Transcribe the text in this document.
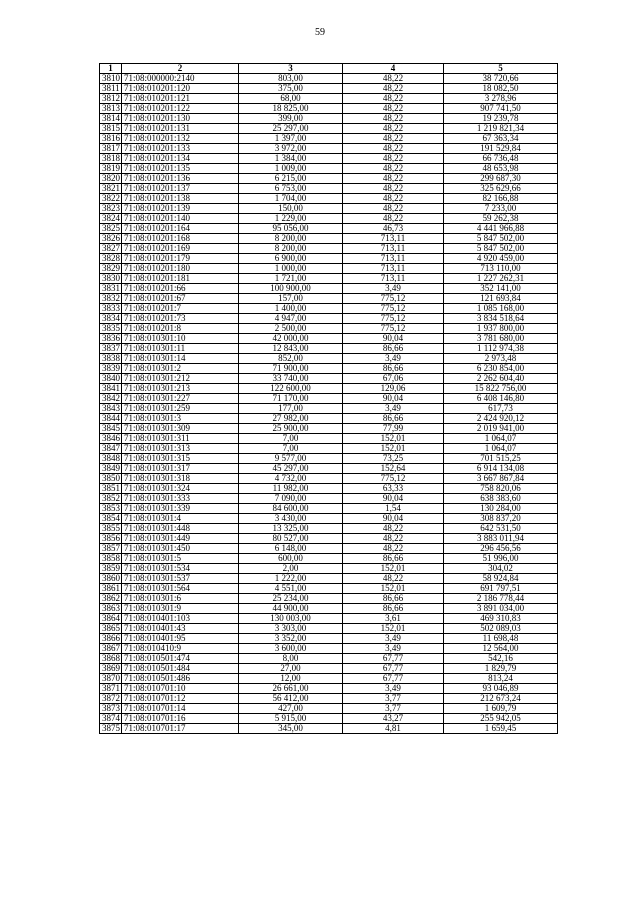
59
1	2	3	4	5
3810	71:08:000000:2140	803,00	48,22	38 720,66
3811	71:08:010201:120	375,00	48,22	18 082,50
3812	71:08:010201:121	68,00	48,22	3 278,96
3813	71:08:010201:122	18 825,00	48,22	907 741,50
3814	71:08:010201:130	399,00	48,22	19 239,78
3815	71:08:010201:131	25 297,00	48,22	1 219 821,34
3816	71:08:010201:132	1 397,00	48,22	67 363,34
3817	71:08:010201:133	3 972,00	48,22	191 529,84
3818	71:08:010201:134	1 384,00	48,22	66 736,48
3819	71:08:010201:135	1 009,00	48,22	48 653,98
3820	71:08:010201:136	6 215,00	48,22	299 687,30
3821	71:08:010201:137	6 753,00	48,22	325 629,66
3822	71:08:010201:138	1 704,00	48,22	82 166,88
3823	71:08:010201:139	150,00	48,22	7 233,00
3824	71:08:010201:140	1 229,00	48,22	59 262,38
3825	71:08:010201:164	95 056,00	46,73	4 441 966,88
3826	71:08:010201:168	8 200,00	713,11	5 847 502,00
3827	71:08:010201:169	8 200,00	713,11	5 847 502,00
3828	71:08:010201:179	6 900,00	713,11	4 920 459,00
3829	71:08:010201:180	1 000,00	713,11	713 110,00
3830	71:08:010201:181	1 721,00	713,11	1 227 262,31
3831	71:08:010201:66	100 900,00	3,49	352 141,00
3832	71:08:010201:67	157,00	775,12	121 693,84
3833	71:08:010201:7	1 400,00	775,12	1 085 168,00
3834	71:08:010201:73	4 947,00	775,12	3 834 518,64
3835	71:08:010201:8	2 500,00	775,12	1 937 800,00
3836	71:08:010301:10	42 000,00	90,04	3 781 680,00
3837	71:08:010301:11	12 843,00	86,66	1 112 974,38
3838	71:08:010301:14	852,00	3,49	2 973,48
3839	71:08:010301:2	71 900,00	86,66	6 230 854,00
3840	71:08:010301:212	33 740,00	67,06	2 262 604,40
3841	71:08:010301:213	122 600,00	129,06	15 822 756,00
3842	71:08:010301:227	71 170,00	90,04	6 408 146,80
3843	71:08:010301:259	177,00	3,49	617,73
3844	71:08:010301:3	27 982,00	86,66	2 424 920,12
3845	71:08:010301:309	25 900,00	77,99	2 019 941,00
3846	71:08:010301:311	7,00	152,01	1 064,07
3847	71:08:010301:313	7,00	152,01	1 064,07
3848	71:08:010301:315	9 577,00	73,25	701 515,25
3849	71:08:010301:317	45 297,00	152,64	6 914 134,08
3850	71:08:010301:318	4 732,00	775,12	3 667 867,84
3851	71:08:010301:324	11 982,00	63,33	758 820,06
3852	71:08:010301:333	7 090,00	90,04	638 383,60
3853	71:08:010301:339	84 600,00	1,54	130 284,00
3854	71:08:010301:4	3 430,00	90,04	308 837,20
3855	71:08:010301:448	13 325,00	48,22	642 531,50
3856	71:08:010301:449	80 527,00	48,22	3 883 011,94
3857	71:08:010301:450	6 148,00	48,22	296 456,56
3858	71:08:010301:5	600,00	86,66	51 996,00
3859	71:08:010301:534	2,00	152,01	304,02
3860	71:08:010301:537	1 222,00	48,22	58 924,84
3861	71:08:010301:564	4 551,00	152,01	691 797,51
3862	71:08:010301:6	25 234,00	86,66	2 186 778,44
3863	71:08:010301:9	44 900,00	86,66	3 891 034,00
3864	71:08:010401:103	130 003,00	3,61	469 310,83
3865	71:08:010401:43	3 303,00	152,01	502 089,03
3866	71:08:010401:95	3 352,00	3,49	11 698,48
3867	71:08:010410:9	3 600,00	3,49	12 564,00
3868	71:08:010501:474	8,00	67,77	542,16
3869	71:08:010501:484	27,00	67,77	1 829,79
3870	71:08:010501:486	12,00	67,77	813,24
3871	71:08:010701:10	26 661,00	3,49	93 046,89
3872	71:08:010701:12	56 412,00	3,77	212 673,24
3873	71:08:010701:14	427,00	3,77	1 609,79
3874	71:08:010701:16	5 915,00	43,27	255 942,05
3875	71:08:010701:17	345,00	4,81	1 659,45
